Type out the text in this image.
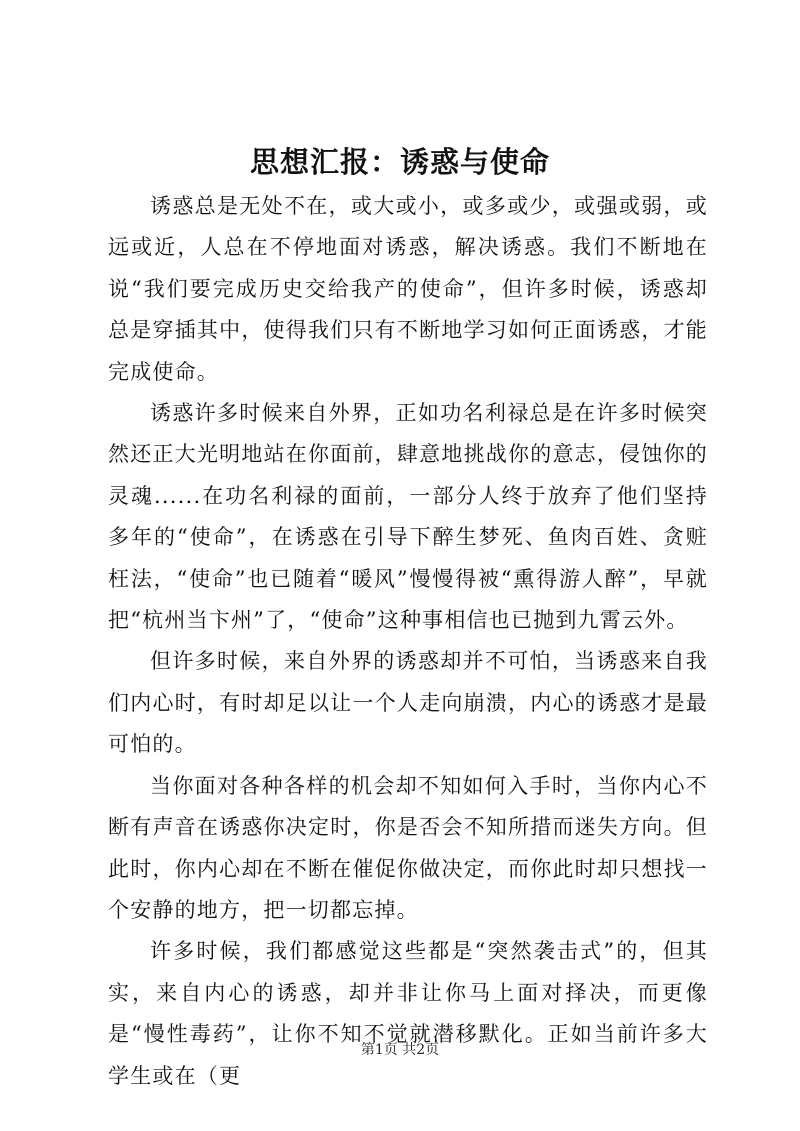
思想汇报：诱惑与使命

诱惑总是无处不在，或大或小，或多或少，或强或弱，或远或近，人总在不停地面对诱惑，解决诱惑。我们不断地在说“我们要完成历史交给我产的使命”，但许多时候，诱惑却总是穿插其中，使得我们只有不断地学习如何正面诱惑，才能完成使命。

诱惑许多时候来自外界，正如功名利禄总是在许多时候突然还正大光明地站在你面前，肆意地挑战你的意志，侵蚀你的灵魂......在功名利禄的面前，一部分人终于放弃了他们坚持多年的“使命”，在诱惑在引导下醉生梦死、鱼肉百姓、贪赃枉法，“使命”也已随着“暖风”慢慢得被“熏得游人醉”，早就把“杭州当卞州”了，“使命”这种事相信也已抛到九霄云外。

但许多时候，来自外界的诱惑却并不可怕，当诱惑来自我们内心时，有时却足以让一个人走向崩溃，内心的诱惑才是最可怕的。

当你面对各种各样的机会却不知如何入手时，当你内心不断有声音在诱惑你决定时，你是否会不知所措而迷失方向。但此时，你内心却在不断在催促你做决定，而你此时却只想找一个安静的地方，把一切都忘掉。

许多时候，我们都感觉这些都是“突然袭击式”的，但其实，来自内心的诱惑，却并非让你马上面对择决，而更像是“慢性毒药”，让你不知不觉就潜移默化。正如当前许多大学生或在（更

第1页 共2页
